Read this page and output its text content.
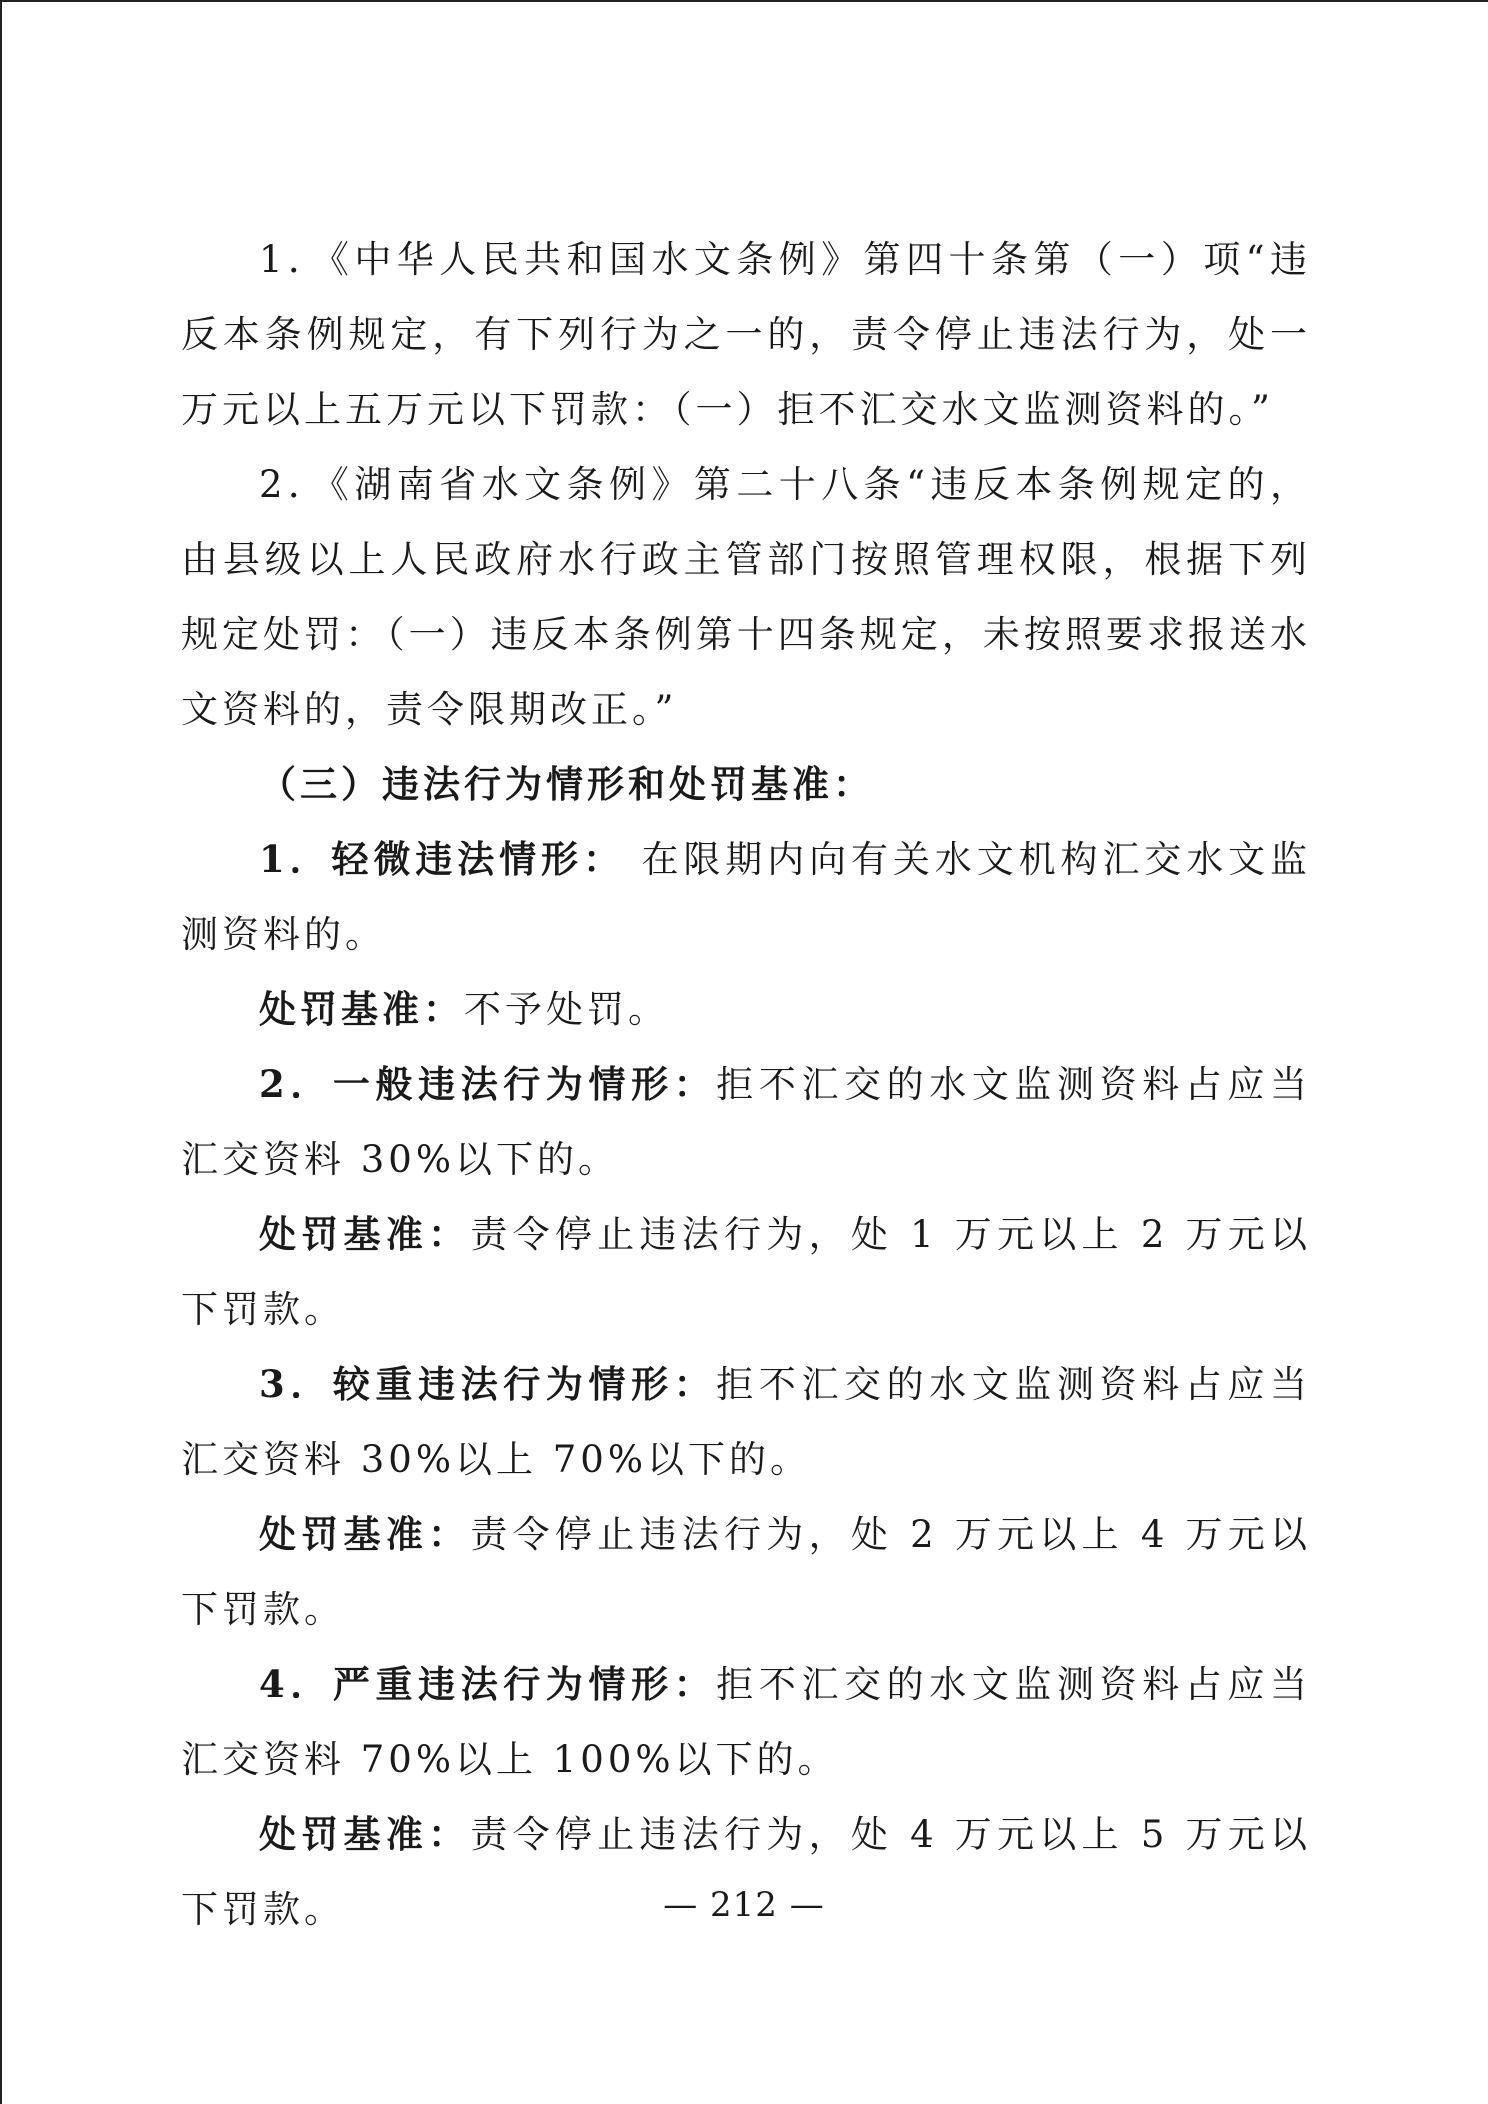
1．《中华人民共和国水文条例》第四十条第（一）项“违反本条例规定，有下列行为之一的，责令停止违法行为，处一万元以上五万元以下罚款：（一）拒不汇交水文监测资料的。”

2．《湖南省水文条例》第二十八条“违反本条例规定的，由县级以上人民政府水行政主管部门按照管理权限，根据下列规定处罚：（一）违反本条例第十四条规定，未按照要求报送水文资料的，责令限期改正。”

（三）违法行为情形和处罚基准：

1．轻微违法情形： 在限期内向有关水文机构汇交水文监测资料的。

处罚基准：不予处罚。

2．一般违法行为情形：拒不汇交的水文监测资料占应当汇交资料 30%以下的。

处罚基准：责令停止违法行为，处 1 万元以上 2 万元以下罚款。

3．较重违法行为情形：拒不汇交的水文监测资料占应当汇交资料 30%以上 70%以下的。

处罚基准：责令停止违法行为，处 2 万元以上 4 万元以下罚款。

4．严重违法行为情形：拒不汇交的水文监测资料占应当汇交资料 70%以上 100%以下的。

处罚基准：责令停止违法行为，处 4 万元以上 5 万元以下罚款。	— 212 —
